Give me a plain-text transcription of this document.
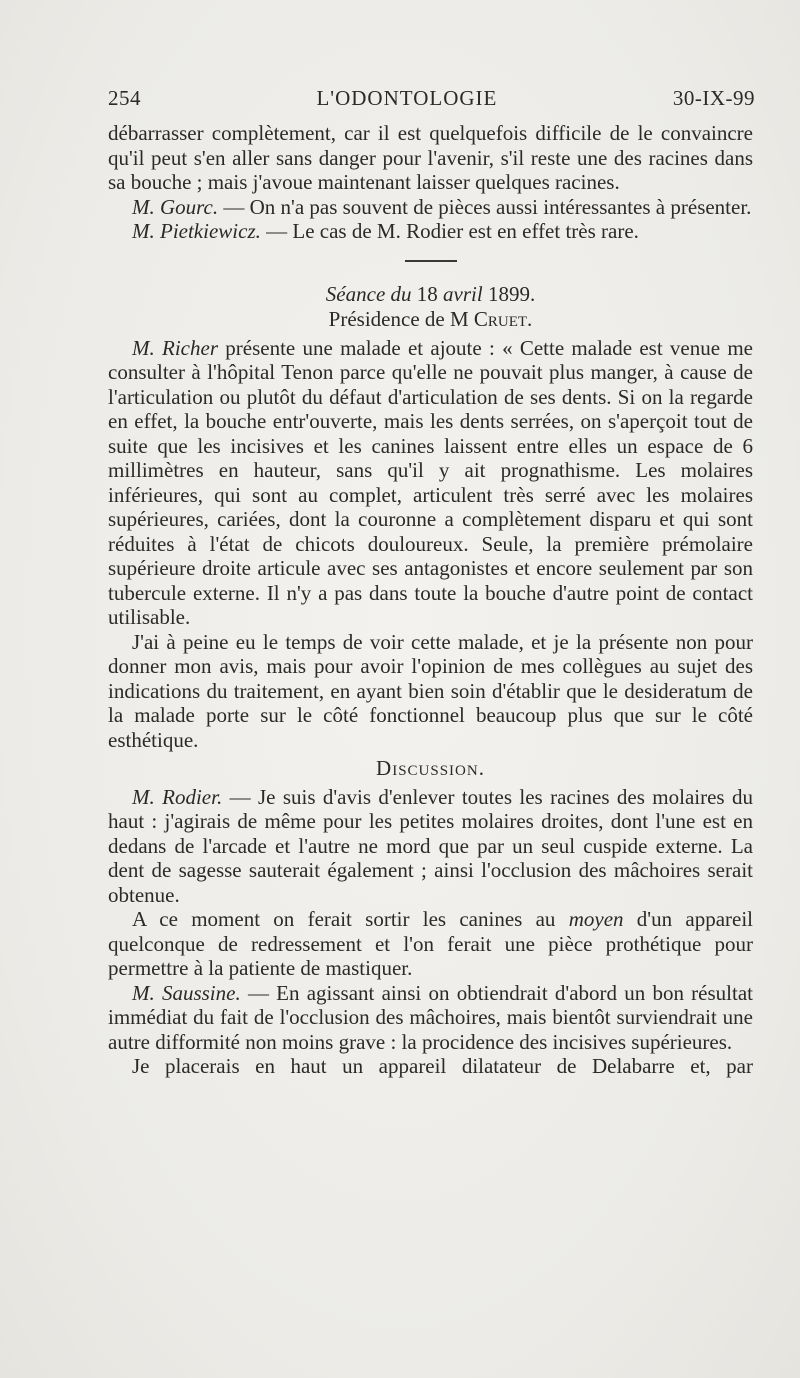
254	L'ODONTOLOGIE	30-IX-99

débarrasser complètement, car il est quelquefois difficile de le convaincre qu'il peut s'en aller sans danger pour l'avenir, s'il reste une des racines dans sa bouche ; mais j'avoue maintenant laisser quelques racines.

M. Gourc. — On n'a pas souvent de pièces aussi intéressantes à présenter.

M. Pietkiewicz. — Le cas de M. Rodier est en effet très rare.

Séance du 18 avril 1899.

Présidence de M Cruet.

M. Richer présente une malade et ajoute : « Cette malade est venue me consulter à l'hôpital Tenon parce qu'elle ne pouvait plus manger, à cause de l'articulation ou plutôt du défaut d'articulation de ses dents. Si on la regarde en effet, la bouche entr'ouverte, mais les dents serrées, on s'aperçoit tout de suite que les incisives et les canines laissent entre elles un espace de 6 millimètres en hauteur, sans qu'il y ait prognathisme. Les molaires inférieures, qui sont au complet, articulent très serré avec les molaires supérieures, cariées, dont la couronne a complètement disparu et qui sont réduites à l'état de chicots douloureux. Seule, la première prémolaire supérieure droite articule avec ses antagonistes et encore seulement par son tubercule externe. Il n'y a pas dans toute la bouche d'autre point de contact utilisable.

J'ai à peine eu le temps de voir cette malade, et je la présente non pour donner mon avis, mais pour avoir l'opinion de mes collègues au sujet des indications du traitement, en ayant bien soin d'établir que le desideratum de la malade porte sur le côté fonctionnel beaucoup plus que sur le côté esthétique.

Discussion.

M. Rodier. — Je suis d'avis d'enlever toutes les racines des molaires du haut : j'agirais de même pour les petites molaires droites, dont l'une est en dedans de l'arcade et l'autre ne mord que par un seul cuspide externe. La dent de sagesse sauterait également ; ainsi l'occlusion des mâchoires serait obtenue.

A ce moment on ferait sortir les canines au moyen d'un appareil quelconque de redressement et l'on ferait une pièce prothétique pour permettre à la patiente de mastiquer.

M. Saussine. — En agissant ainsi on obtiendrait d'abord un bon résultat immédiat du fait de l'occlusion des mâchoires, mais bientôt surviendrait une autre difformité non moins grave : la procidence des incisives supérieures.

Je placerais en haut un appareil dilatateur de Delabarre et, par
